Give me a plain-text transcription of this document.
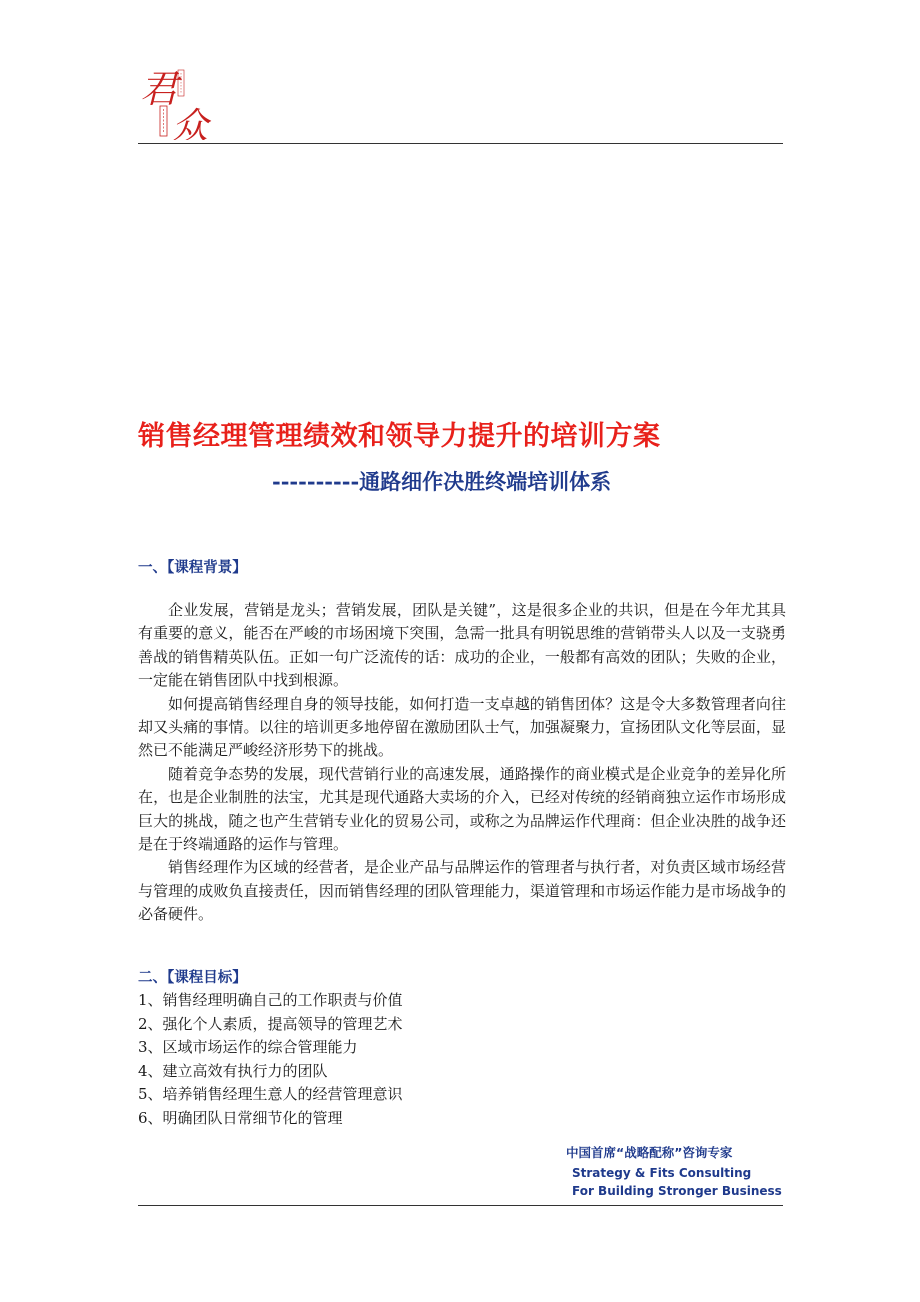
君
众
销售经理管理绩效和领导力提升的培训方案
----------通路细作决胜终端培训体系
一、【课程背景】

企业发展，营销是龙头；营销发展，团队是关键”，这是很多企业的共识，但是在今年尤其具有重要的意义，能否在严峻的市场困境下突围，急需一批具有明锐思维的营销带头人以及一支骁勇善战的销售精英队伍。正如一句广泛流传的话：成功的企业，一般都有高效的团队；失败的企业，一定能在销售团队中找到根源。

如何提高销售经理自身的领导技能，如何打造一支卓越的销售团体？这是令大多数管理者向往却又头痛的事情。以往的培训更多地停留在激励团队士气，加强凝聚力，宣扬团队文化等层面，显然已不能满足严峻经济形势下的挑战。

随着竞争态势的发展，现代营销行业的高速发展，通路操作的商业模式是企业竞争的差异化所在，也是企业制胜的法宝，尤其是现代通路大卖场的介入，已经对传统的经销商独立运作市场形成巨大的挑战，随之也产生营销专业化的贸易公司，或称之为品牌运作代理商：但企业决胜的战争还是在于终端通路的运作与管理。

销售经理作为区域的经营者，是企业产品与品牌运作的管理者与执行者，对负责区域市场经营与管理的成败负直接责任，因而销售经理的团队管理能力，渠道管理和市场运作能力是市场战争的必备硬件。

二、【课程目标】
1、销售经理明确自己的工作职责与价值
2、强化个人素质，提高领导的管理艺术
3、区域市场运作的综合管理能力
4、建立高效有执行力的团队
5、培养销售经理生意人的经营管理意识
6、明确团队日常细节化的管理
中国首席“战略配称”咨询专家
Strategy & Fits Consulting
For Building Stronger Business
